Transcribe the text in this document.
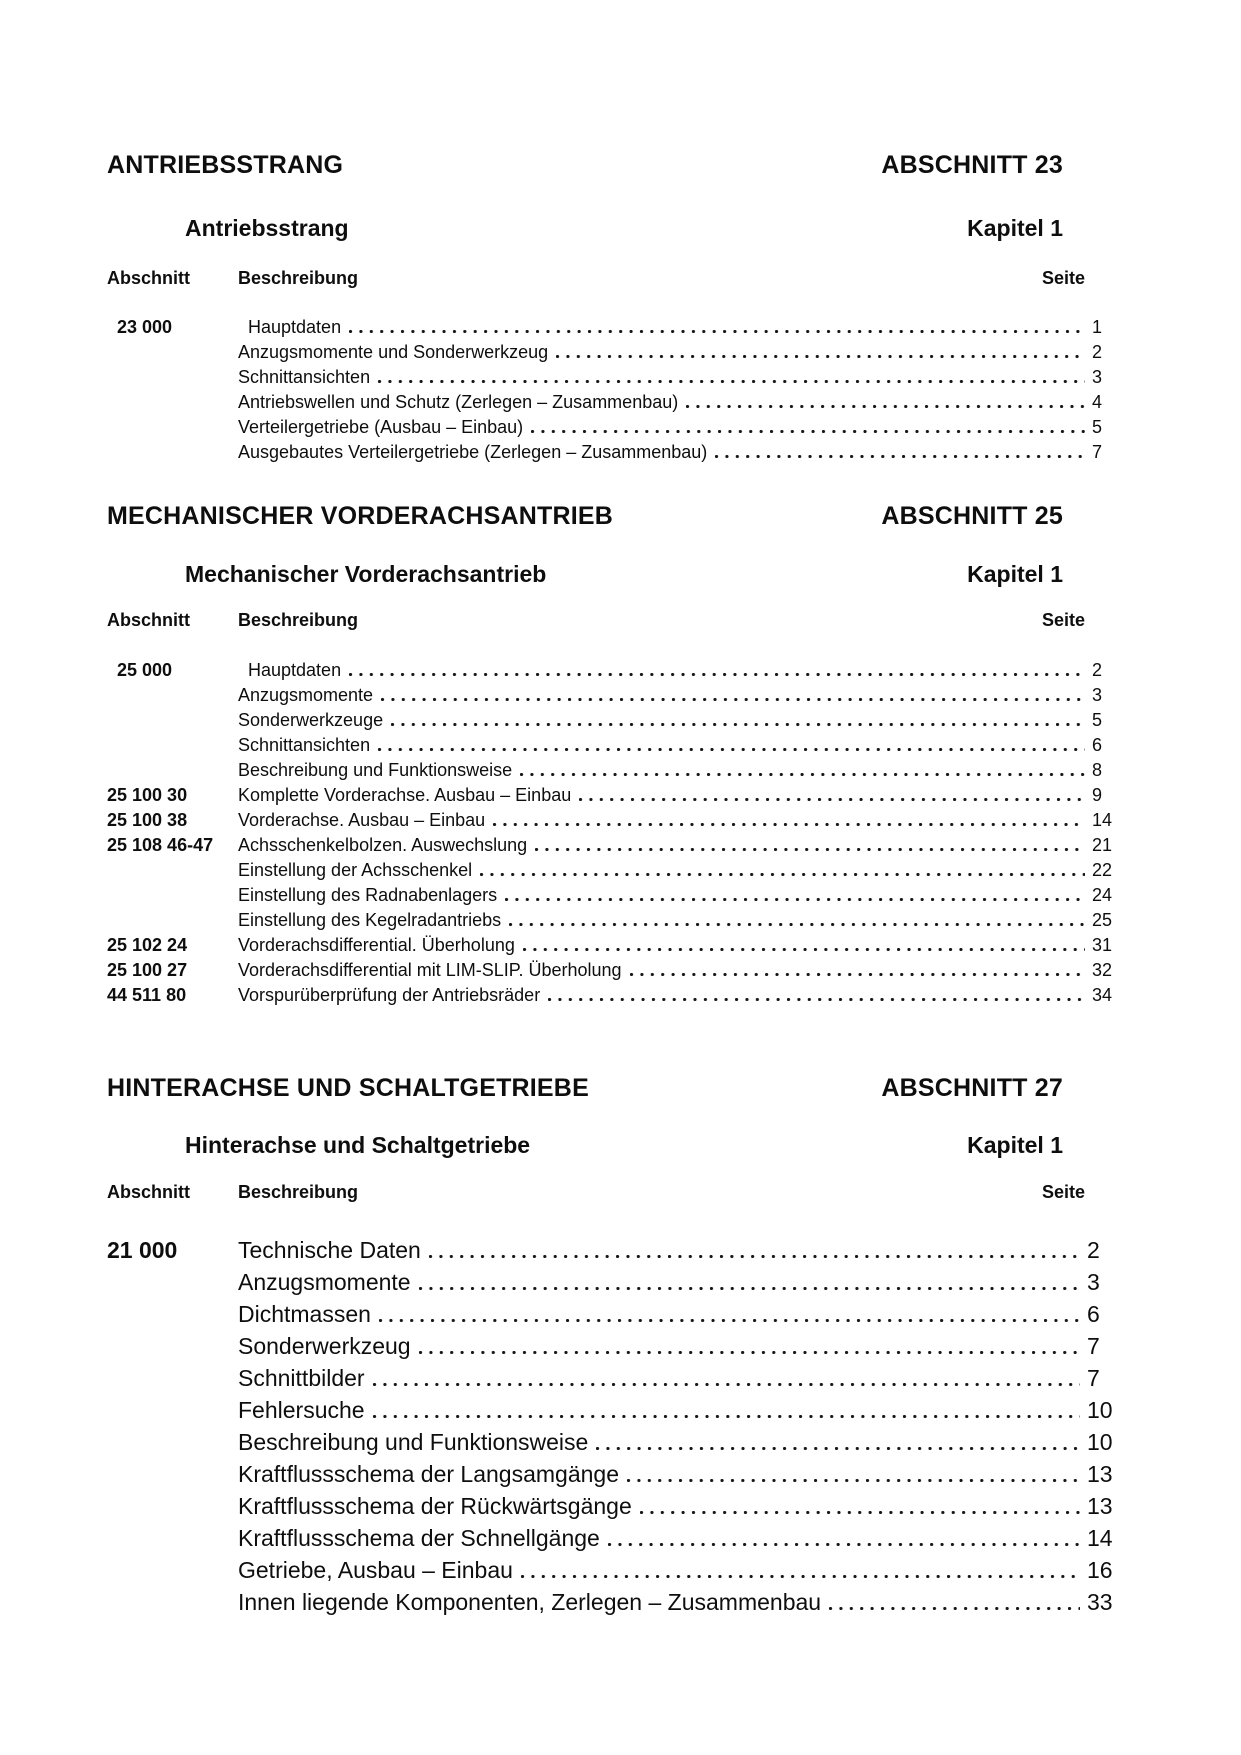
ANTRIEBSSTRANG	ABSCHNITT 23
Antriebsstrang	Kapitel 1
Abschnitt	Beschreibung	Seite
23 000	Hauptdaten	1
Anzugsmomente und Sonderwerkzeug	2
Schnittansichten	3
Antriebswellen und Schutz (Zerlegen – Zusammenbau)	4
Verteilergetriebe (Ausbau – Einbau)	5
Ausgebautes Verteilergetriebe (Zerlegen – Zusammenbau)	7
MECHANISCHER VORDERACHSANTRIEB	ABSCHNITT 25
Mechanischer Vorderachsantrieb	Kapitel 1
Abschnitt	Beschreibung	Seite
25 000	Hauptdaten	2
Anzugsmomente	3
Sonderwerkzeuge	5
Schnittansichten	6
Beschreibung und Funktionsweise	8
25 100 30	Komplette Vorderachse. Ausbau – Einbau	9
25 100 38	Vorderachse. Ausbau – Einbau	14
25 108 46-47	Achsschenkelbolzen. Auswechslung	21
Einstellung der Achsschenkel	22
Einstellung des Radnabenlagers	24
Einstellung des Kegelradantriebs	25
25 102 24	Vorderachsdifferential. Überholung	31
25 100 27	Vorderachsdifferential mit LIM-SLIP. Überholung	32
44 511 80	Vorspurüberprüfung der Antriebsräder	34
HINTERACHSE UND SCHALTGETRIEBE	ABSCHNITT 27
Hinterachse und Schaltgetriebe	Kapitel 1
Abschnitt	Beschreibung	Seite
21 000	Technische Daten	2
Anzugsmomente	3
Dichtmassen	6
Sonderwerkzeug	7
Schnittbilder	7
Fehlersuche	10
Beschreibung und Funktionsweise	10
Kraftflussschema der Langsamgänge	13
Kraftflussschema der Rückwärtsgänge	13
Kraftflussschema der Schnellgänge	14
Getriebe, Ausbau – Einbau	16
Innen liegende Komponenten, Zerlegen – Zusammenbau	33
